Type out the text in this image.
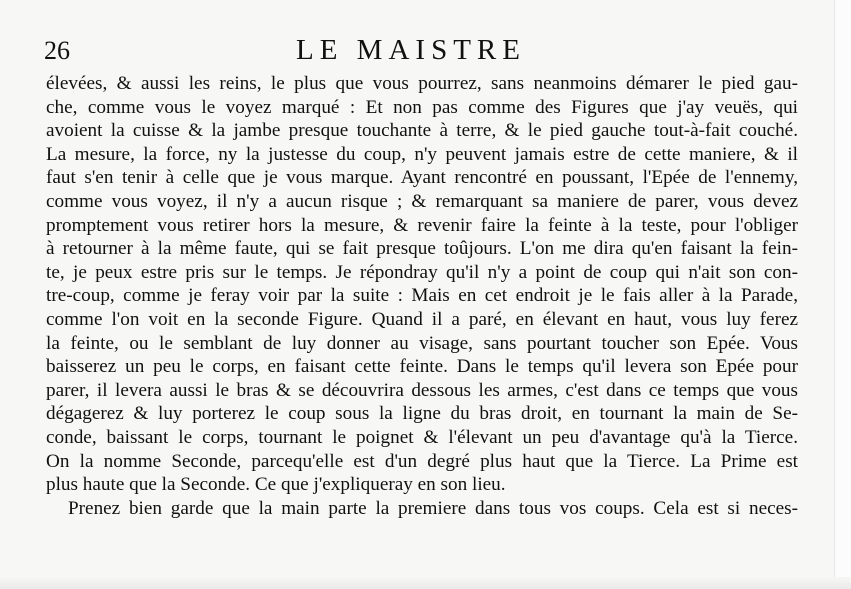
26	LE MAISTRE
élevées, & aussi les reins, le plus que vous pourrez, sans neanmoins démarer le pied gau-
che, comme vous le voyez marqué : Et non pas comme des Figures que j'ay veuës, qui
avoient la cuisse & la jambe presque touchante à terre, & le pied gauche tout-à-fait couché.
La mesure, la force, ny la justesse du coup, n'y peuvent jamais estre de cette maniere, & il
faut s'en tenir à celle que je vous marque. Ayant rencontré en poussant, l'Epée de l'ennemy,
comme vous voyez, il n'y a aucun risque ; & remarquant sa maniere de parer, vous devez
promptement vous retirer hors la mesure, & revenir faire la feinte à la teste, pour l'obliger
à retourner à la même faute, qui se fait presque toûjours. L'on me dira qu'en faisant la fein-
te, je peux estre pris sur le temps. Je répondray qu'il n'y a point de coup qui n'ait son con-
tre-coup, comme je feray voir par la suite : Mais en cet endroit je le fais aller à la Parade,
comme l'on voit en la seconde Figure. Quand il a paré, en élevant en haut, vous luy ferez
la feinte, ou le semblant de luy donner au visage, sans pourtant toucher son Epée. Vous
baisserez un peu le corps, en faisant cette feinte. Dans le temps qu'il levera son Epée pour
parer, il levera aussi le bras & se découvrira dessous les armes, c'est dans ce temps que vous
dégagerez & luy porterez le coup sous la ligne du bras droit, en tournant la main de Se-
conde, baissant le corps, tournant le poignet & l'élevant un peu d'avantage qu'à la Tierce.
On la nomme Seconde, parcequ'elle est d'un degré plus haut que la Tierce. La Prime est
plus haute que la Seconde. Ce que j'expliqueray en son lieu.
Prenez bien garde que la main parte la premiere dans tous vos coups. Cela est si neces-
